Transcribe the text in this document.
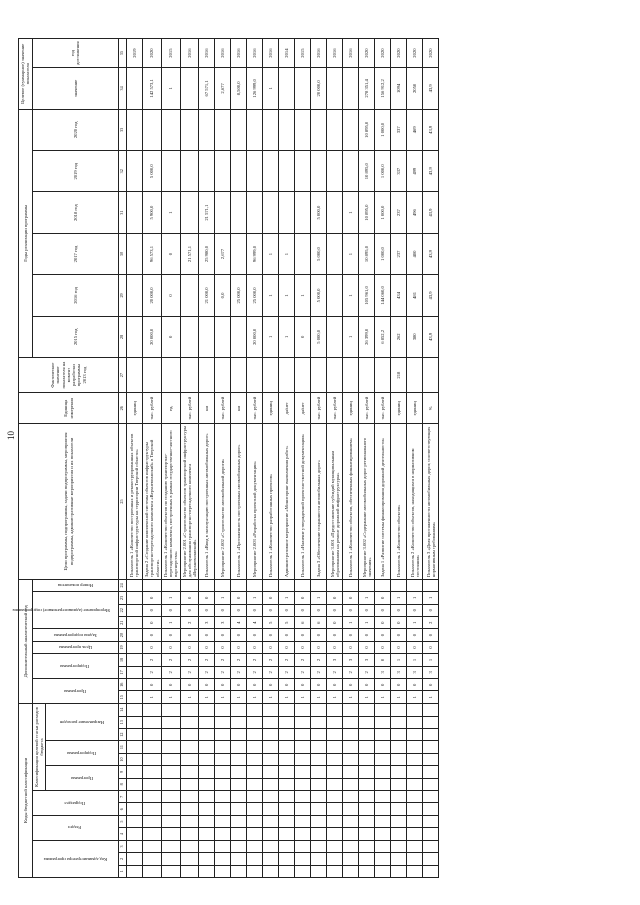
10
Коды бюджетной классификации														Дополнительный аналитический код										Цели программы, подпрограммы, задачи подпрограммы, мероприятия подпрограммы, административные мероприятия и их показатели	Единица измерения	Фактическое значение показателя на момент разработки программы 2013 год	Годы реализации программы						Целевое (суммарное) значение показателя	

Код администратора программы			Раздел		Подраздел		Классификация целевой статьи расходов бюджета							Программа		Подпрограмма		Цель программы	Задача подпрограммы	Мероприятие (административное) подпрограммы			Номер показателя				2015 год	2016 год	2017 год	2018 год	2019 год	2020 год	значение	год достижения

							Программа		Подпрограмма		Направление расходов																							

1	2	3	4	5	6	7	8	9	10	11	12	13	14	15	16	17	18	19	20	21	22	23	24	25	26	27	28	29	30	31	32	33	34	35
																								Показатель 1 «Количество построенных и реконструированных объектов транспортной инфраструктуры на территории Тверской области»	единиц									2019
														1	0	2	2	0	0	0	0	0		Задача 2 «Создание комплексной системы объектов инфраструктуры транспортно-пересадочного комплекса «Верхневолжский» в Тверской области»	тыс. рублей		20 000,0	20 000,0	96 573,1	5 900,0	5 000,0		142 573,1	2020
														1	0	2	2	0	0	1	0	1		Показатель 1 «Количество объектов по созданию транспортно-пересадочного комплекса, построенных в рамках государственно-частного партнерства»	ед.		0	0	0	1			1	2015
														1	0	2	2	0	0	2	0	0		Мероприятие 2.001 «Строительство объектов транспортной инфраструктуры для обслуживания транспортно-пересадочного комплекса «Верхневолжский»	тыс. рублей				21 571,1					2016
														1	0	2	2	0	0	3	0	0		Показатель 1 «Ввод в эксплуатацию построенных автомобильных дорог»	км			21 000,0	25 980,0	21 571,1			67 571,1	2016
														1	0	2	2	0	0	3	0	1		Мероприятие 2.002 «Строительство автомобильной дороги»	тыс. рублей			0,0	2,677				2,677	2016
														1	0	2	2	0	0	4	0	0		Показатель 1 «Протяженность построенных автомобильных дорог»	км			25 000,0					8,500,0	2016
														1	0	2	2	0	0	4	0	1		Мероприятие 2.003 «Разработка проектной документации»	тыс. рублей		20 000,0	25 000,0	96 999,0				126 999,0	2016
														1	0	2	2	0	0	5	0	0		Показатель 1 «Количество разработанных проектов»	единиц		1	1	1				1	2016
														1	0	2	2	0	0	5	0	1		Административное мероприятие «Мониторинг выполнения работ»	да/нет		1	1	1					2014
														1	0	2	2	0	0	6	0	0		Показатель 1 «Наличие утвержденной проектно-сметной документации»	да/нет		0	1						2015
														1	0	2	2	0	0	6	0	1		Задача 3 «Обеспечение сохранности автомобильных дорог»	тыс. рублей		5 000,0	5 000,0	5 000,0	5 000,0			20 000,0	2016
														1	0	2	3	0	0	0	0	0		Мероприятие 3.001 «Предоставление субсидий муниципальным образованиям на ремонт дорожной инфраструктуры»	тыс. рублей									2016
														1	0	2	3	0	0	1	0	0		Показатель 1 «Количество объектов, обеспеченных финансированием»	единиц		1	1	1	1				2016
														1	0	2	3	0	0	1	0	1		Мероприятие 3.002 «Содержание автомобильных дорог регионального значения»	тыс. рублей		26 399,0	105 961,0	10 895,0	10 895,0	10 895,0	10 895,0	278 351,4	2020
														1	0	3	0	0	0	0	0	0		Задача 1 «Развитие системы финансирования дорожной деятельности»	тыс. рублей		6 852,2	144 060,0	1 000,0	1 000,0	1 000,0	1 000,0	156 912,2	2020
														1	0	3	1	0	0	0	0	1		Показатель 1 «Количество объектов»	единиц	218	262	434	237	237	337	337	1094	2020
														1	0	3	1	0	0	1	0	1		Показатель 2 «Количество объектов, находящихся в нормативном состоянии»	единиц		380	481	400	496	499	469	2050	2020
														1	0	3	1	0	0	2	0	1		Показатель 3 «Доля протяженности автомобильных дорог, соответствующих нормативным требованиям»	%		43,9	43,9	43,9	43,9	43,9	43,9	43,9	2020
